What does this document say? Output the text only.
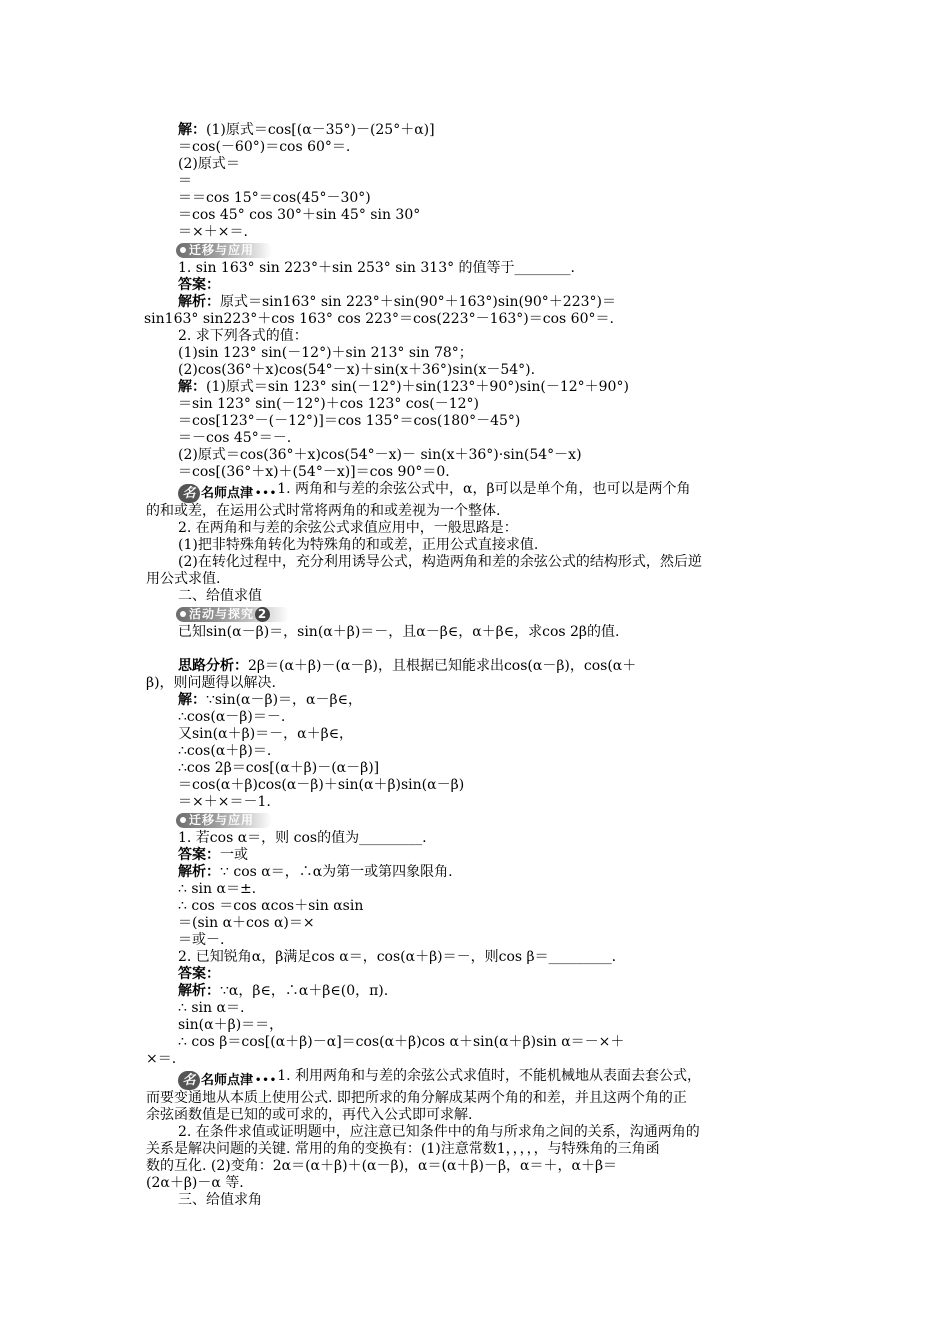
解：(1)原式＝cos[(α－35°)－(25°＋α)]
＝cos(－60°)＝cos 60°＝.
(2)原式＝
＝
＝＝cos 15°＝cos(45°－30°)
＝cos 45° cos 30°＋sin 45° sin 30°
＝×＋×＝.
迁移与应用
1. sin 163° sin 223°＋sin 253° sin 313° 的值等于________.
答案：
解析：原式＝sin163° sin 223°＋sin(90°＋163°)sin(90°＋223°)＝
sin163° sin223°＋cos 163° cos 223°＝cos(223°－163°)＝cos 60°＝.
2. 求下列各式的值：
(1)sin 123° sin(－12°)＋sin 213° sin 78°；
(2)cos(36°＋x)cos(54°－x)＋sin(x＋36°)sin(x－54°).
解：(1)原式＝sin 123° sin(－12°)＋sin(123°＋90°)sin(－12°＋90°)
＝sin 123° sin(－12°)＋cos 123° cos(－12°)
＝cos[123°－(－12°)]＝cos 135°＝cos(180°－45°)
＝－cos 45°＝－.
(2)原式＝cos(36°＋x)cos(54°－x)－ sin(x＋36°)·sin(54°－x)
＝cos[(36°＋x)＋(54°－x)]＝cos 90°＝0.
名 名师点津 ••• 1. 两角和与差的余弦公式中，α，β可以是单个角，也可以是两个角
的和或差，在运用公式时常将两角的和或差视为一个整体.
2. 在两角和与差的余弦公式求值应用中，一般思路是：
(1)把非特殊角转化为特殊角的和或差，正用公式直接求值.
(2)在转化过程中，充分利用诱导公式，构造两角和差的余弦公式的结构形式，然后逆
用公式求值.
二、给值求值
活动与探究 2
已知sin(α－β)＝，sin(α＋β)＝－，且α－β∈，α＋β∈，求cos 2β的值.
思路分析：2β＝(α＋β)－(α－β)，且根据已知能求出cos(α－β)，cos(α＋
β)，则问题得以解决.
解：∵sin(α－β)＝，α－β∈，
∴cos(α－β)＝－.
又sin(α＋β)＝－，α＋β∈，
∴cos(α＋β)＝.
∴cos 2β＝cos[(α＋β)－(α－β)]
＝cos(α＋β)cos(α－β)＋sin(α＋β)sin(α－β)
＝×＋×＝－1.
迁移与应用
1. 若cos α＝，则 cos的值为_________.
答案：一或
解析：∵ cos α＝，∴α为第一或第四象限角.
∴ sin α＝±.
∴ cos ＝cos αcos＋sin αsin
＝(sin α＋cos α)＝×
＝或－.
2. 已知锐角α，β满足cos α＝，cos(α＋β)＝－，则cos β＝_________.
答案：
解析：∵α，β∈，∴α＋β∈(0，π).
∴ sin α＝.
sin(α＋β)＝＝，
∴ cos β＝cos[(α＋β)－α]＝cos(α＋β)cos α＋sin(α＋β)sin α＝－×＋
×＝.
名 名师点津 ••• 1. 利用两角和与差的余弦公式求值时，不能机械地从表面去套公式，
而要变通地从本质上使用公式. 即把所求的角分解成某两个角的和差，并且这两个角的正
余弦函数值是已知的或可求的，再代入公式即可求解.
2. 在条件求值或证明题中，应注意已知条件中的角与所求角之间的关系，沟通两角的
关系是解决问题的关键. 常用的角的变换有：(1)注意常数1，，，，，与特殊角的三角函
数的互化. (2)变角：2α＝(α＋β)＋(α－β)，α＝(α＋β)－β，α＝＋，α＋β＝
(2α＋β)－α 等.
三、给值求角
